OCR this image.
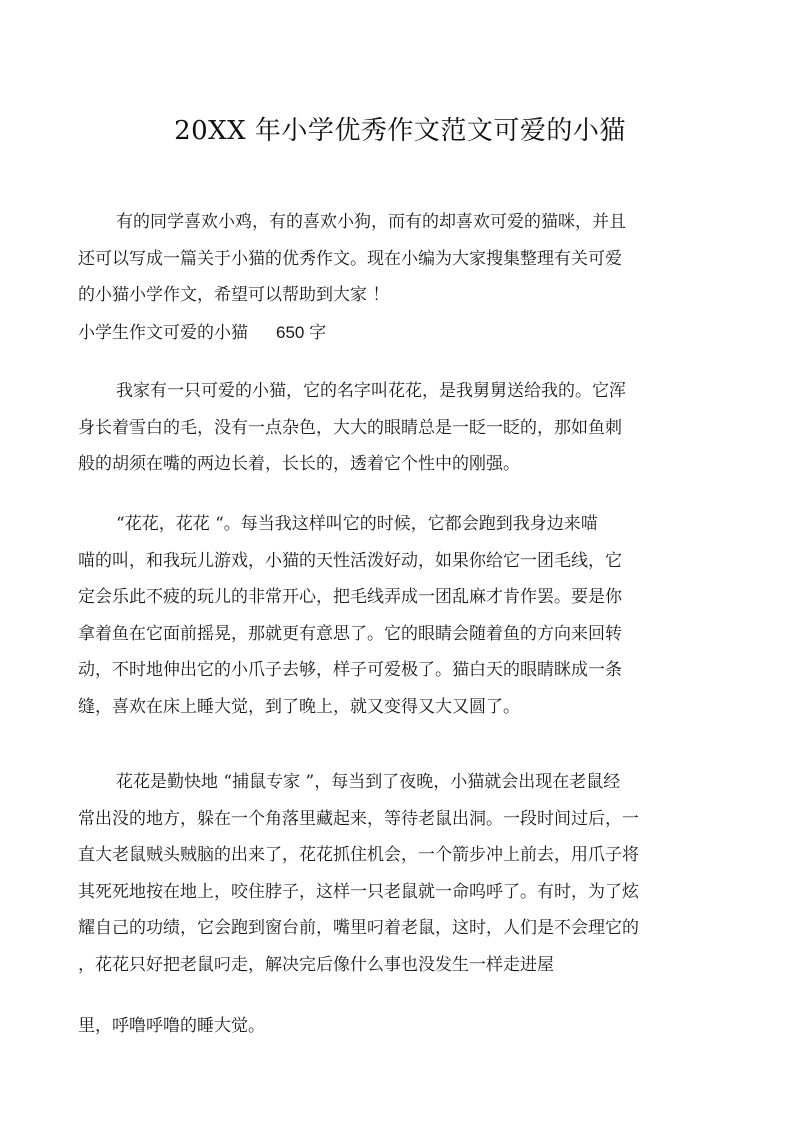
20XX 年小学优秀作文范文可爱的小猫
有的同学喜欢小鸡，有的喜欢小狗，而有的却喜欢可爱的猫咪，并且
还可以写成一篇关于小猫的优秀作文。现在小编为大家搜集整理有关可爱
的小猫小学作文，希望可以帮助到大家 ！
小学生作文可爱的小猫 650 字
我家有一只可爱的小猫，它的名字叫花花，是我舅舅送给我的。它浑
身长着雪白的毛，没有一点杂色，大大的眼睛总是一眨一眨的，那如鱼刺
般的胡须在嘴的两边长着，长长的，透着它个性中的刚强。
“花花，花花 “。每当我这样叫它的时候，它都会跑到我身边来喵
喵的叫，和我玩儿游戏，小猫的天性活泼好动，如果你给它一团毛线，它
定会乐此不疲的玩儿的非常开心，把毛线弄成一团乱麻才肯作罢。要是你
拿着鱼在它面前摇晃，那就更有意思了。它的眼睛会随着鱼的方向来回转
动，不时地伸出它的小爪子去够，样子可爱极了。猫白天的眼睛眯成一条
缝，喜欢在床上睡大觉，到了晚上，就又变得又大又圆了。
花花是勤快地 “捕鼠专家 ”，每当到了夜晚，小猫就会出现在老鼠经
常出没的地方，躲在一个角落里藏起来，等待老鼠出洞。一段时间过后，一
直大老鼠贼头贼脑的出来了，花花抓住机会，一个箭步冲上前去，用爪子将
其死死地按在地上，咬住脖子，这样一只老鼠就一命呜呼了。有时，为了炫
耀自己的功绩，它会跑到窗台前，嘴里叼着老鼠，这时，人们是不会理它的
，花花只好把老鼠叼走，解决完后像什么事也没发生一样走进屋
里，呼噜呼噜的睡大觉。
